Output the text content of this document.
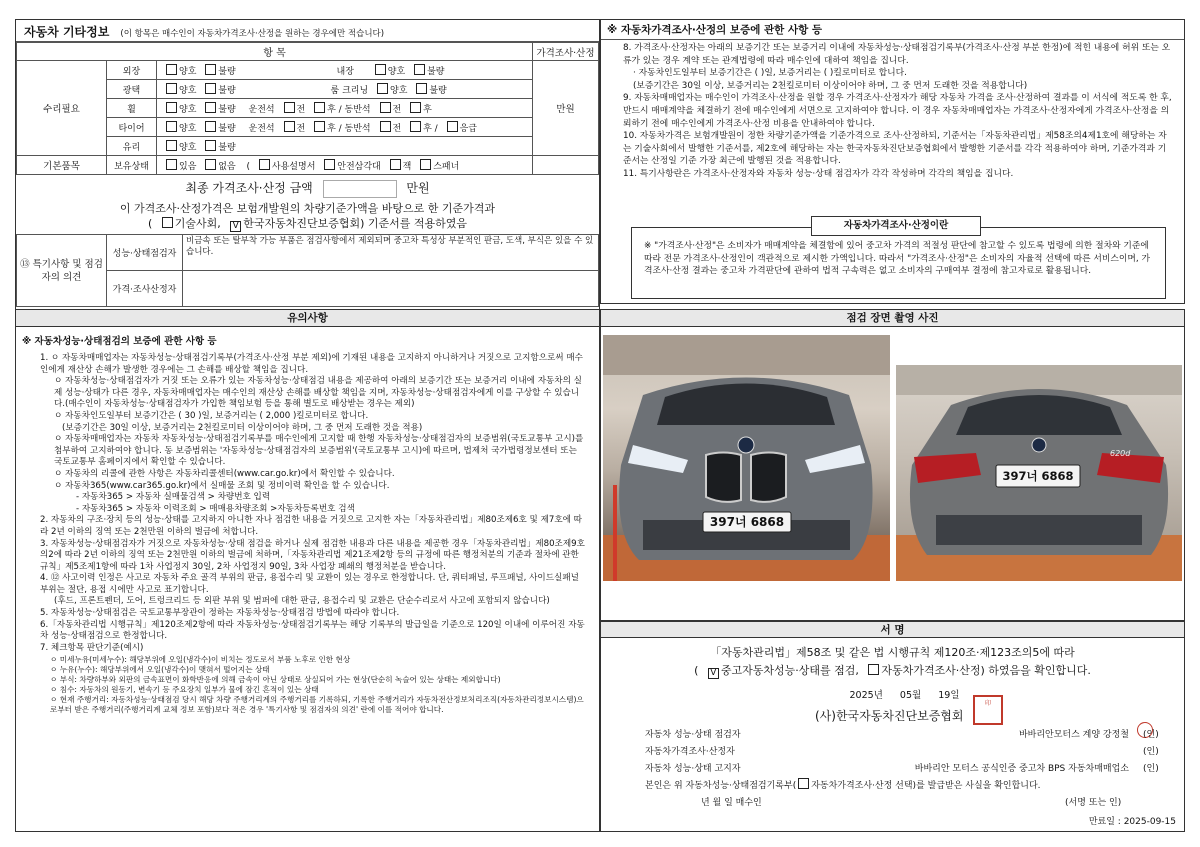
자동차 기타정보 (이 항목은 매수인이 자동차가격조사·산정을 원하는 경우에만 적습니다)
항 목			가격조사·산정
수리필요	외장	양호 불량 내장 양호 불량	만원
	광택	양호 불량 룸 크리닝 양호 불량	
	휠	양호 불량 운전석 전 후 / 동반석 전 후	
	타이어	양호 불량 운전석 전 후 / 동반석 전 후 / 응급	
	유리	양호 불량	
기본품목	보유상태	있음 없음 ( 사용설명서 안전삼각대 잭 스패너	
최종 가격조사·산정 금액	만원
이 가격조사·산정가격은 보험개발원의 차량기준가액을 바탕으로 한 기준가격과
( 기술사회, V 한국자동차진단보증협회) 기준서를 적용하였음
⑬ 특기사항 및 점검자의 의견	성능·상태점검자	비금속 또는 탈부착 가능 부품은 점검사항에서 제외되며 중고차 특성상 부분적인 판금, 도색, 부식은 있을 수 있습니다.
	가격·조사산정자	
※ 자동차가격조사·산정의 보증에 관한 사항 등

8. 가격조사·산정자는 아래의 보증기간 또는 보증거리 이내에 자동차성능·상태점검기록부(가격조사·산정 부분 한정)에 적힌 내용에 허위 또는 오류가 있는 경우 계약 또는 관계법령에 따라 매수인에 대하여 책임을 집니다.

· 자동차인도일부터 보증기간은 ( )일, 보증거리는 ( )킬로미터로 합니다.

(보증기간은 30일 이상, 보증거리는 2천킬로미터 이상이어야 하며, 그 중 먼저 도래한 것을 적용합니다)

9. 자동차매매업자는 매수인이 가격조사·산정을 원할 경우 가격조사·산정자가 해당 자동차 가격을 조사·산정하여 결과를 이 서식에 적도록 한 후, 반드시 매매계약을 체결하기 전에 매수인에게 서면으로 고지하여야 합니다. 이 경우 자동차매매업자는 가격조사·산정자에게 가격조사·산정을 의뢰하기 전에 매수인에게 가격조사·산정 비용을 안내하여야 합니다.

10. 자동차가격은 보험개발원이 정한 차량기준가액을 기준가격으로 조사·산정하되, 기준서는「자동차관리법」제58조의4제1호에 해당하는 자는 기술사회에서 발행한 기준서를, 제2호에 해당하는 자는 한국자동차진단보증협회에서 발행한 기준서를 각각 적용하여야 하며, 기준가격과 기준서는 산정일 기준 가장 최근에 발행된 것을 적용합니다.

11. 특기사항란은 가격조사·산정자와 자동차 성능·상태 점검자가 각각 작성하며 각각의 책임을 집니다.

자동차가격조사·산정이란
※ "가격조사·산정"은 소비자가 매매계약을 체결함에 있어 중고차 가격의 적절성 판단에 참고할 수 있도록 법령에 의한 절차와 기준에 따라 전문 가격조사·산정인이 객관적으로 제시한 가액입니다. 따라서 "가격조사·산정"은 소비자의 자율적 선택에 따른 서비스이며, 가격조사·산정 결과는 중고차 가격판단에 관하여 법적 구속력은 없고 소비자의 구매여부 결정에 참고자료로 활용됩니다.
유의사항
※ 자동차성능·상태점검의 보증에 관한 사항 등

1. ㅇ 자동차매매업자는 자동차성능·상태점검기록부(가격조사·산정 부분 제외)에 기재된 내용을 고지하지 아니하거나 거짓으로 고지함으로써 매수인에게 재산상 손해가 발생한 경우에는 그 손해를 배상할 책임을 집니다.

ㅇ 자동차성능·상태점검자가 거짓 또는 오류가 있는 자동차성능·상태점검 내용을 제공하여 아래의 보증기간 또는 보증거리 이내에 자동차의 실제 성능·상태가 다른 경우, 자동차매매업자는 매수인의 재산상 손해를 배상할 책임을 지며, 자동차성능·상태점검자에게 이를 구상할 수 있습니다.(매수인이 자동차성능·상태점검자가 가입한 책임보험 등을 통해 별도로 배상받는 경우는 제외)

ㅇ 자동차인도일부터 보증기간은 ( 30 )일, 보증거리는 ( 2,000 )킬로미터로 합니다.

(보증기간은 30일 이상, 보증거리는 2천킬로미터 이상이어야 하며, 그 중 먼저 도래한 것을 적용)

ㅇ 자동차매매업자는 자동차 자동차성능·상태점검기록부를 매수인에게 고지할 때 한행 자동차성능·상태점검자의 보증범위(국토교통부 고시)를 첨부하여 고지하여야 합니다. 동 보증범위는 '자동차성능·상태점검자의 보증범위'(국토교통부 고시)에 따르며, 법제처 국가법령정보센터 또는 국토교통부 홈페이지에서 확인할 수 있습니다.

ㅇ 자동차의 리콜에 관한 사항은 자동차리콜센터(www.car.go.kr)에서 확인할 수 있습니다.

ㅇ 자동차365(www.car365.go.kr)에서 실매물 조회 및 정비이력 확인을 할 수 있습니다.

- 자동차365 > 자동차 실매물검색 > 차량번호 입력

- 자동차365 > 자동차 이력조회 > 매매용차량조회 >자동차등록번호 검색

2. 자동차의 구조·장치 등의 성능·상태를 고지하지 아니한 자나 점검한 내용을 거짓으로 고지한 자는「자동차관리법」제80조제6호 및 제7호에 따라 2년 이하의 징역 또는 2천만원 이하의 벌금에 처합니다.

3. 자동차성능·상태점검자가 거짓으로 자동차성능·상태 점검을 하거나 실제 점검한 내용과 다른 내용을 제공한 경우「자동차관리법」제80조제9호의2에 따라 2년 이하의 징역 또는 2천만원 이하의 벌금에 처하며,「자동차관리법 제21조제2항 등의 규정에 따른 행정처분의 기준과 절차에 관한 규칙」제5조제1항에 따라 1차 사업정지 30일, 2차 사업정지 90일, 3차 사업장 폐쇄의 행정처분을 받습니다.

4. ⑫ 사고이력 인정은 사고로 자동차 주요 골격 부위의 판금, 용접수리 및 교환이 있는 경우로 한정합니다. 단, 쿼터패널, 루프패널, 사이드실패널 부위는 절단, 용접 시에만 사고로 표기합니다.

(후드, 프론트펜더, 도어, 트렁크리드 등 외판 부위 및 범퍼에 대한 판금, 용접수리 및 교환은 단순수리로서 사고에 포함되지 않습니다)

5. 자동차성능·상태점검은 국토교통부장관이 정하는 자동차성능·상태점검 방법에 따라야 합니다.

6.「자동차관리법 시행규칙」제120조제2항에 따라 자동차성능·상태점검기록부는 해당 기록부의 발급일을 기준으로 120일 이내에 이루어진 자동차 성능·상태점검으로 한정합니다.

7. 체크항목 판단기준(예시)

ㅇ 미세누유(미세누수): 해당부위에 오일(냉각수)이 비치는 정도로서 부품 노후로 인한 현상

ㅇ 누유(누수): 해당부위에서 오일(냉각수)이 맺혀서 떨어지는 상태

ㅇ 부식: 차량하부와 외판의 금속표면이 화학반응에 의해 금속이 아닌 상태로 상실되어 가는 현상(단순히 녹슬어 있는 상태는 제외합니다)

ㅇ 침수: 자동차의 원동기, 변속기 등 주요장치 일부가 물에 잠긴 흔적이 있는 상태

ㅇ 현재 주행거리: 자동차성능·상태점검 당시 해당 차량 주행거리계의 주행거리를 기록하되, 기록한 주행거리가 자동차전산정보처리조직(자동차관리정보시스템)으로부터 받은 주행거리(주행거리계 교체 정보 포함)보다 적은 경우 '특기사항 및 점검자의 의견' 란에 이를 적어야 합니다.

점검 장면 촬영 사진
397너 6868
397너 6868
620d
서 명
「자동차관리법」제58조 및 같은 법 시행규칙 제120조·제123조의5에 따라
( V중고자동차성능·상태를 점검, 자동차가격조사·산정) 하였음을 확인합니다.
2025년 05월 19일
(사)한국자동차진단보증협회
印
자동차 성능·상태 점검자	바바리안모터스 계양 강정철	(인)
자동차가격조사·산정자	(인)
자동차 성능·상태 고지자	바바리안 모터스 공식인증 중고차 BPS 자동차매매업소	(인)
본인은 위 자동차성능·상태점검기록부( 자동차가격조사·산정 선택)를 발급받은 사실을 확인합니다.
년 월 일 매수인	(서명 또는 인)
만료일 : 2025-09-15
